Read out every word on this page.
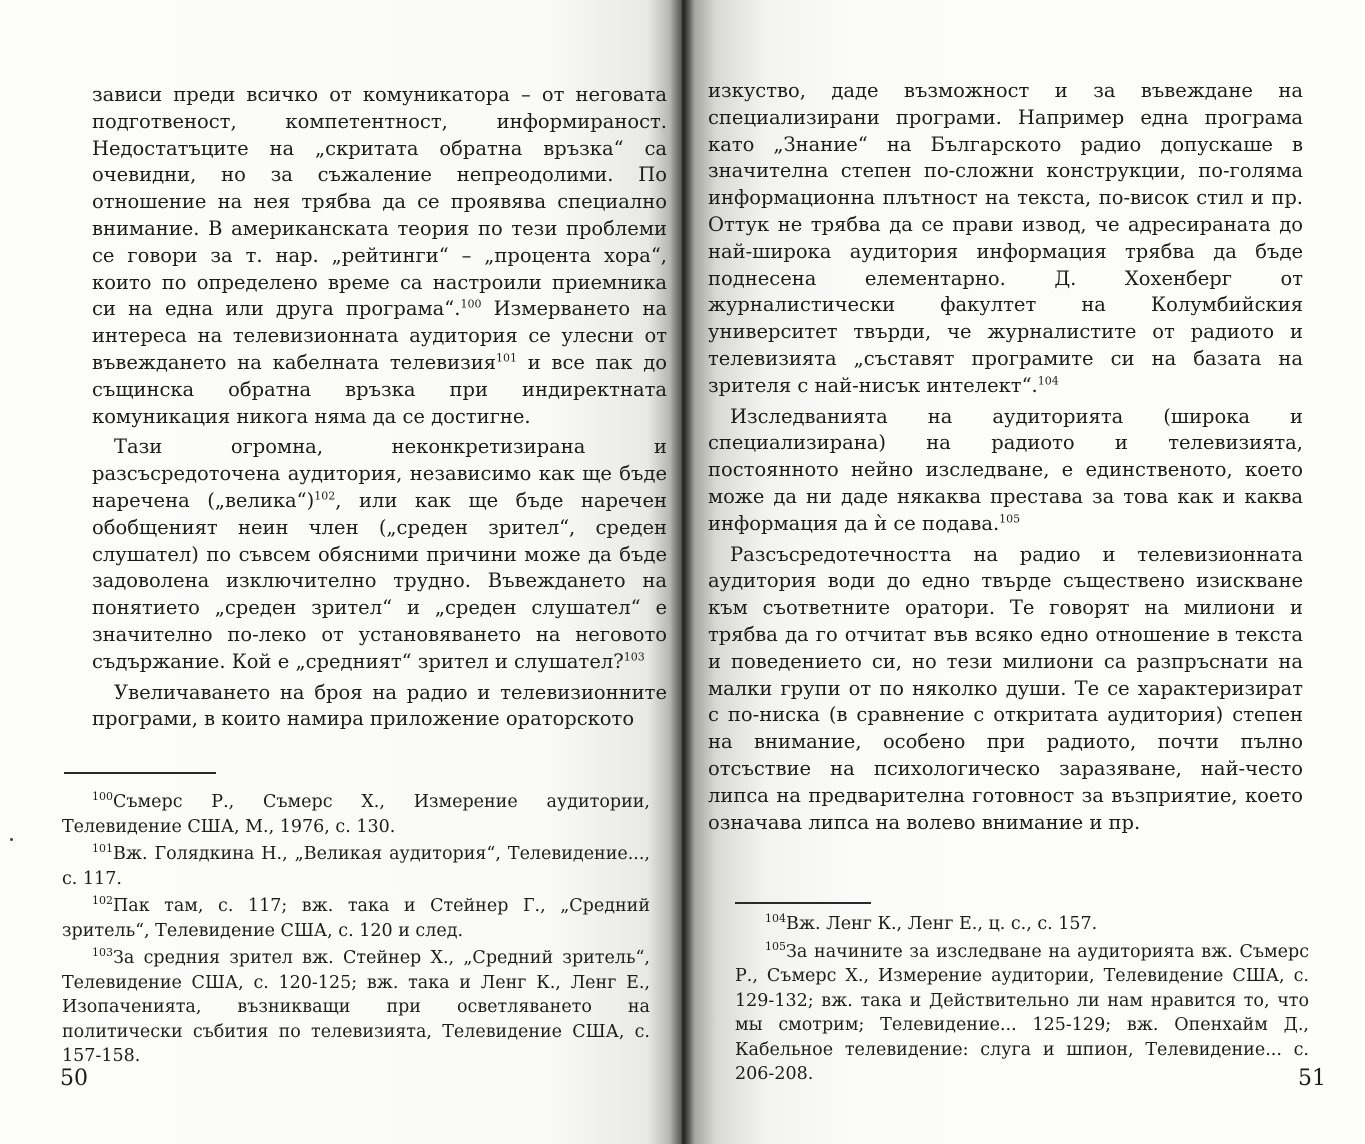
зависи преди всичко от комуникатора – от неговата подготвеност, компетентност, информираност. Недостатъците на „скритата обратна връзка“ са очевидни, но за съжаление непреодолими. По отношение на нея трябва да се проявява специално внимание. В американската теория по тези проблеми се говори за т. нар. „рейтинги“ – „процента хора“, които по определено време са настроили приемника си на една или друга програма“.$^{100}$ Измерването на интереса на телевизионната аудитория се улесни от въвеждането на кабелната телевизия$^{101}$ и все пак до същинска обратна връзка при индиректната комуникация никога няма да се достигне.

Тази огромна, неконкретизирана и разсъсредоточена аудитория, независимо как ще бъде наречена („велика“)$^{102}$, или как ще бъде наречен обобщеният неин член („среден зрител“, среден слушател) по съвсем обясними причини може да бъде задоволена изключително трудно. Въвеждането на понятието „среден зрител“ и „среден слушател“ е значително по-леко от установяването на неговото съдържание. Кой е „средният“ зрител и слушател?$^{103}$

Увеличаването на броя на радио и телевизионните програми, в които намира приложение ораторското

$^{100}$Съмерс Р., Съмерс Х., Измерение аудитории, Телевидение США, М., 1976, с. 130.

$^{101}$Вж. Голядкина Н., „Великая аудитория“, Телевидение..., с. 117.

$^{102}$Пак там, с. 117; вж. така и Стейнер Г., „Средний зритель“, Телевидение США, с. 120 и след.

$^{103}$За средния зрител вж. Стейнер Х., „Средний зритель“, Телевидение США, с. 120-125; вж. така и Ленг К., Ленг Е., Изопаченията, възникващи при осветляването на политически събития по телевизията, Телевидение США, с. 157-158.

50

изкуство, даде възможност и за въвеждане на специализирани програми. Например една програма като „Знание“ на Българското радио допускаше в значителна степен по-сложни конструкции, по-голяма информационна плътност на текста, по-висок стил и пр. Оттук не трябва да се прави извод, че адресираната до най-широка аудитория информация трябва да бъде поднесена елементарно. Д. Хохенберг от журналистически факултет на Колумбийския университет твърди, че журналистите от радиото и телевизията „съставят програмите си на базата на зрителя с най-нисък интелект“.$^{104}$

Изследванията на аудиторията (широка и специализирана) на радиото и телевизията, постоянното нейно изследване, е единственото, което може да ни даде някаква престава за това как и каква информация да ѝ се подава.$^{105}$

Разсъсредотечността на радио и телевизионната аудитория води до едно твърде съществено изискване към съответните оратори. Те говорят на милиони и трябва да го отчитат във всяко едно отношение в текста и поведението си, но тези милиони са разпръснати на малки групи от по няколко души. Те се характеризират с по-ниска (в сравнение с откритата аудитория) степен на внимание, особено при радиото, почти пълно отсъствие на психологическо заразяване, най-често липса на предварителна готовност за възприятие, което означава липса на волево внимание и пр.

$^{104}$Вж. Ленг К., Ленг Е., ц. с., с. 157.

$^{105}$За начините за изследване на аудиторията вж. Съмерс Р., Съмерс Х., Измерение аудитории, Телевидение США, с. 129-132; вж. така и Действительно ли нам нравится то, что мы смотрим; Телевидение... 125-129; вж. Опенхайм Д., Кабельное телевидение: слуга и шпион, Телевидение... с. 206-208.	51
